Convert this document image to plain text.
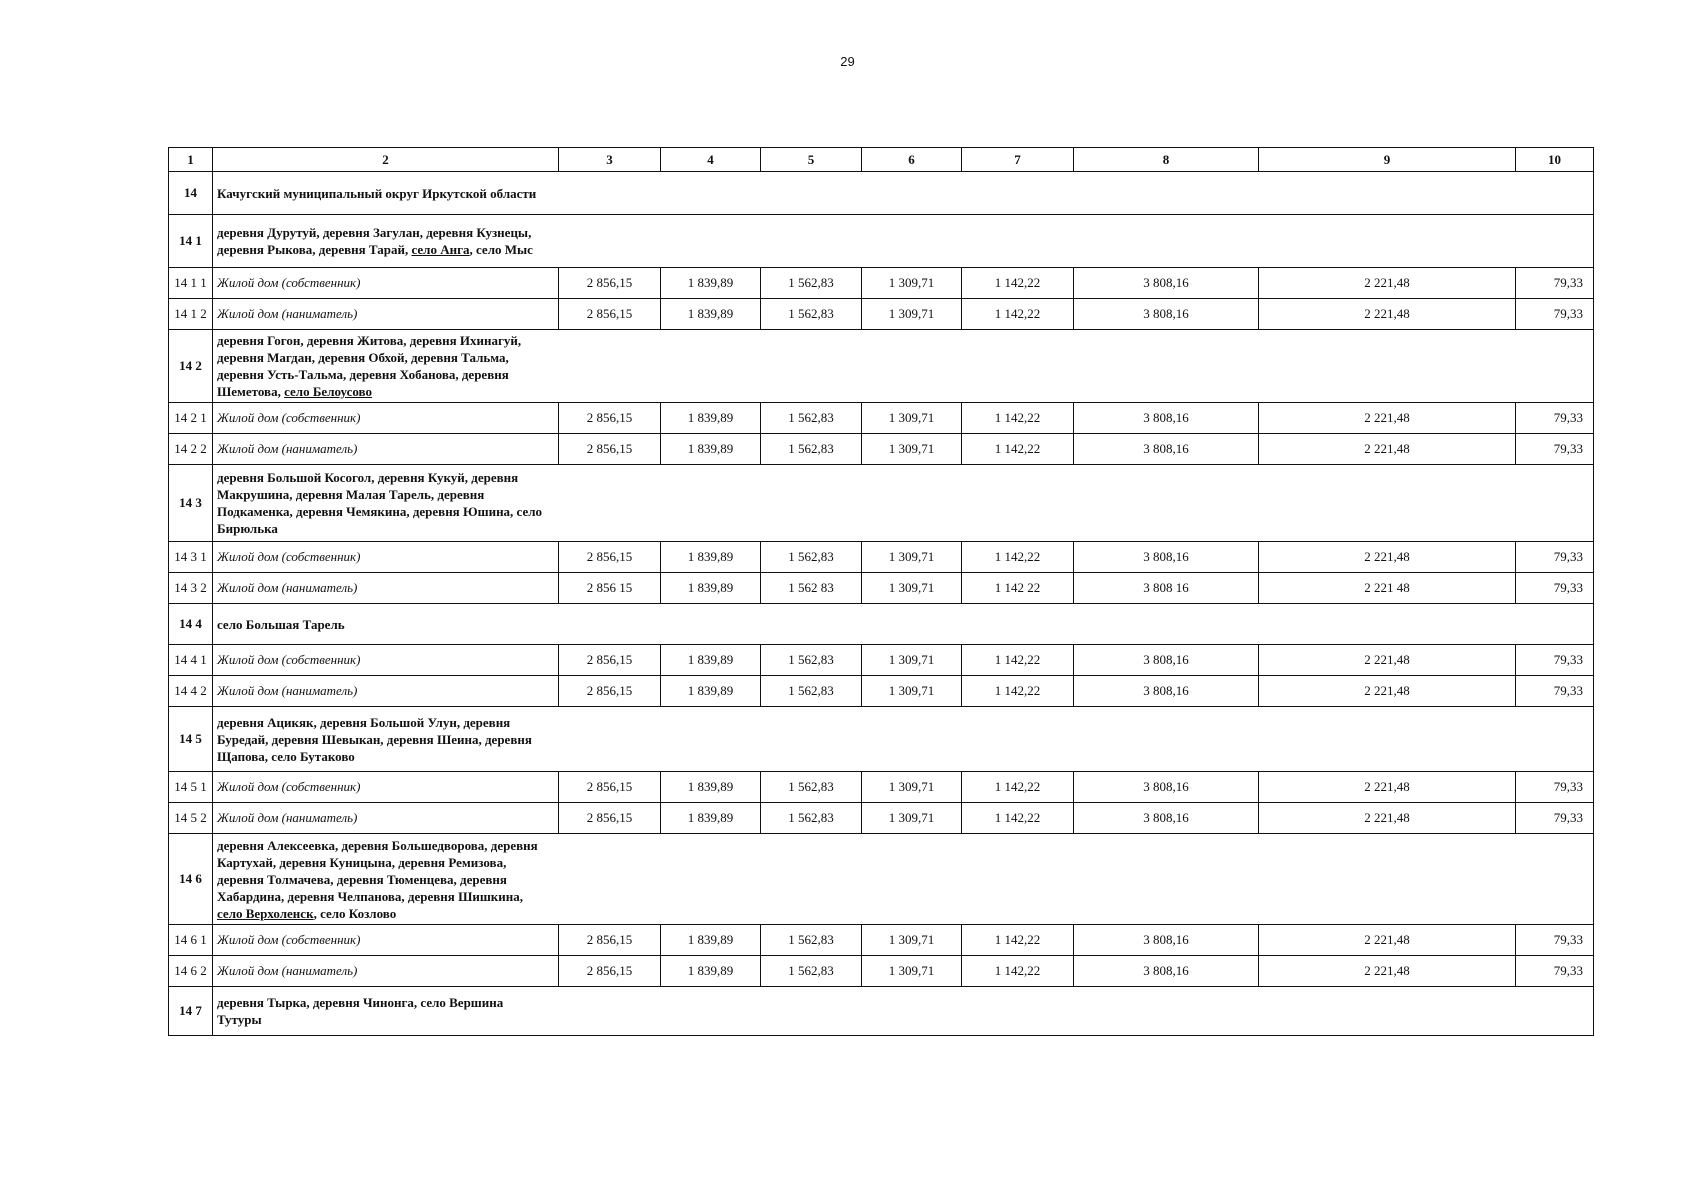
29
1	2	3	4	5	6	7	8	9	10
14	Качугский муниципальный округ Иркутской области								
14 1	деревня Дурутуй, деревня Загулан, деревня Кузнецы, деревня Рыкова, деревня Тарай, село Анга, село Мыс								

14 1 1	Жилой дом (собственник)	2 856,15	1 839,89	1 562,83	1 309,71	1 142,22	3 808,16	2 221,48	79,33
14 1 2	Жилой дом (наниматель)	2 856,15	1 839,89	1 562,83	1 309,71	1 142,22	3 808,16	2 221,48	79,33
14 2	деревня Гогон, деревня Житова, деревня Ихинагуй, деревня Магдан, деревня Обхой, деревня Тальма, деревня Усть-Тальма, деревня Хобанова, деревня Шеметова, село Белоусово								

14 2 1	Жилой дом (собственник)	2 856,15	1 839,89	1 562,83	1 309,71	1 142,22	3 808,16	2 221,48	79,33
14 2 2	Жилой дом (наниматель)	2 856,15	1 839,89	1 562,83	1 309,71	1 142,22	3 808,16	2 221,48	79,33
14 3	деревня Большой Косогол, деревня Кукуй, деревня Макрушина, деревня Малая Тарель, деревня Подкаменка, деревня Чемякина, деревня Юшина, село Бирюлька								

14 3 1	Жилой дом (собственник)	2 856,15	1 839,89	1 562,83	1 309,71	1 142,22	3 808,16	2 221,48	79,33
14 3 2	Жилой дом (наниматель)	2 856 15	1 839,89	1 562 83	1 309,71	1 142 22	3 808 16	2 221 48	79,33
14 4	село Большая Тарель								

14 4 1	Жилой дом (собственник)	2 856,15	1 839,89	1 562,83	1 309,71	1 142,22	3 808,16	2 221,48	79,33
14 4 2	Жилой дом (наниматель)	2 856,15	1 839,89	1 562,83	1 309,71	1 142,22	3 808,16	2 221,48	79,33
14 5	деревня Ацикяк, деревня Большой Улун, деревня Буредай, деревня Шевыкан, деревня Шеина, деревня Щапова, село Бутаково								

14 5 1	Жилой дом (собственник)	2 856,15	1 839,89	1 562,83	1 309,71	1 142,22	3 808,16	2 221,48	79,33
14 5 2	Жилой дом (наниматель)	2 856,15	1 839,89	1 562,83	1 309,71	1 142,22	3 808,16	2 221,48	79,33
14 6	деревня Алексеевка, деревня Большедворова, деревня Картухай, деревня Куницына, деревня Ремизова, деревня Толмачева, деревня Тюменцева, деревня Хабардина, деревня Челпанова, деревня Шишкина, село Верхоленск, село Козлово								

14 6 1	Жилой дом (собственник)	2 856,15	1 839,89	1 562,83	1 309,71	1 142,22	3 808,16	2 221,48	79,33
14 6 2	Жилой дом (наниматель)	2 856,15	1 839,89	1 562,83	1 309,71	1 142,22	3 808,16	2 221,48	79,33
14 7	деревня Тырка, деревня Чинонга, село Вершина Тутуры								
